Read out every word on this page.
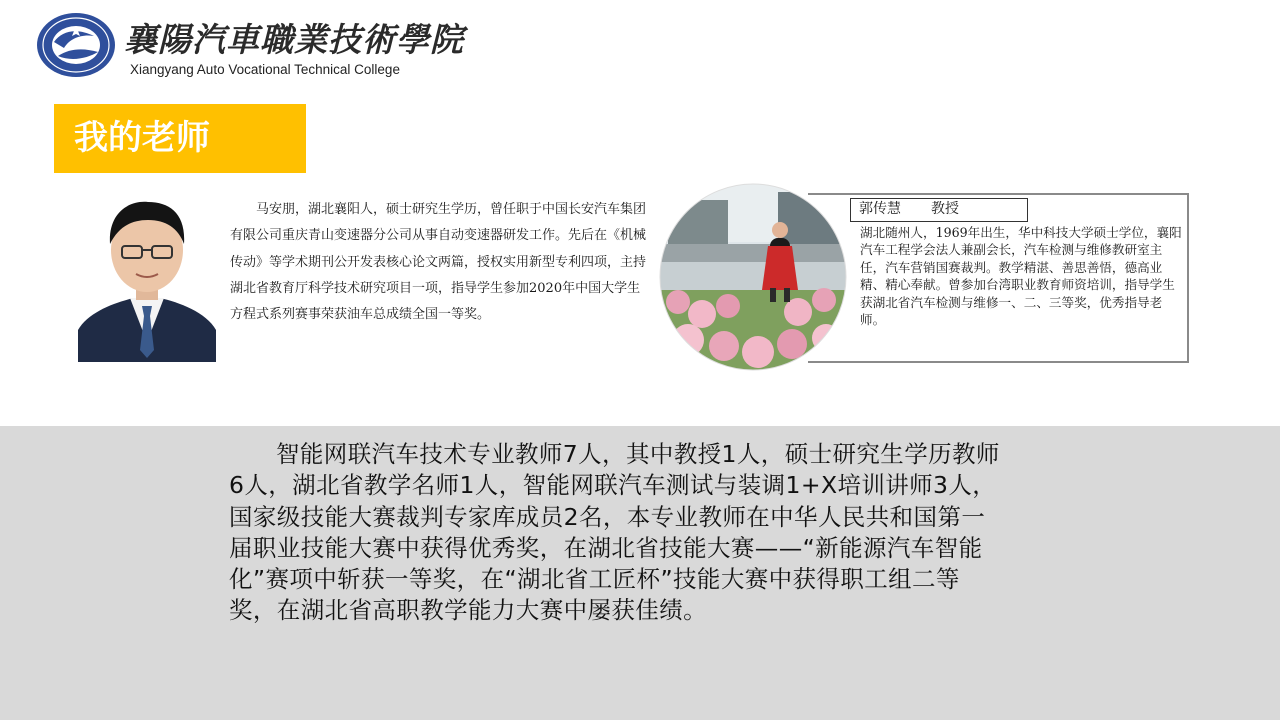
襄陽汽車職業技術學院
Xiangyang Auto Vocational Technical College
我的老师

马安朋，湖北襄阳人，硕士研究生学历，曾任职于中国长安汽车集团有限公司重庆青山变速器分公司从事自动变速器研发工作。先后在《机械传动》等学术期刊公开发表核心论文两篇，授权实用新型专利四项，主持湖北省教育厅科学技术研究项目一项，指导学生参加2020年中国大学生方程式系列赛事荣获油车总成绩全国一等奖。

郭传慧 教授

湖北随州人，1969年出生，华中科技大学硕士学位，襄阳汽车工程学会法人兼副会长，汽车检测与维修教研室主任，汽车营销国赛裁判。教学精湛、善思善悟，德高业精、精心奉献。曾参加台湾职业教育师资培训，指导学生获湖北省汽车检测与维修一、二、三等奖，优秀指导老师。

智能网联汽车技术专业教师7人，其中教授1人，硕士研究生学历教师6人，湖北省教学名师1人，智能网联汽车测试与装调1+X培训讲师3人，国家级技能大赛裁判专家库成员2名，本专业教师在中华人民共和国第一届职业技能大赛中获得优秀奖，在湖北省技能大赛——“新能源汽车智能化”赛项中斩获一等奖，在“湖北省工匠杯”技能大赛中获得职工组二等奖，在湖北省高职教学能力大赛中屡获佳绩。
